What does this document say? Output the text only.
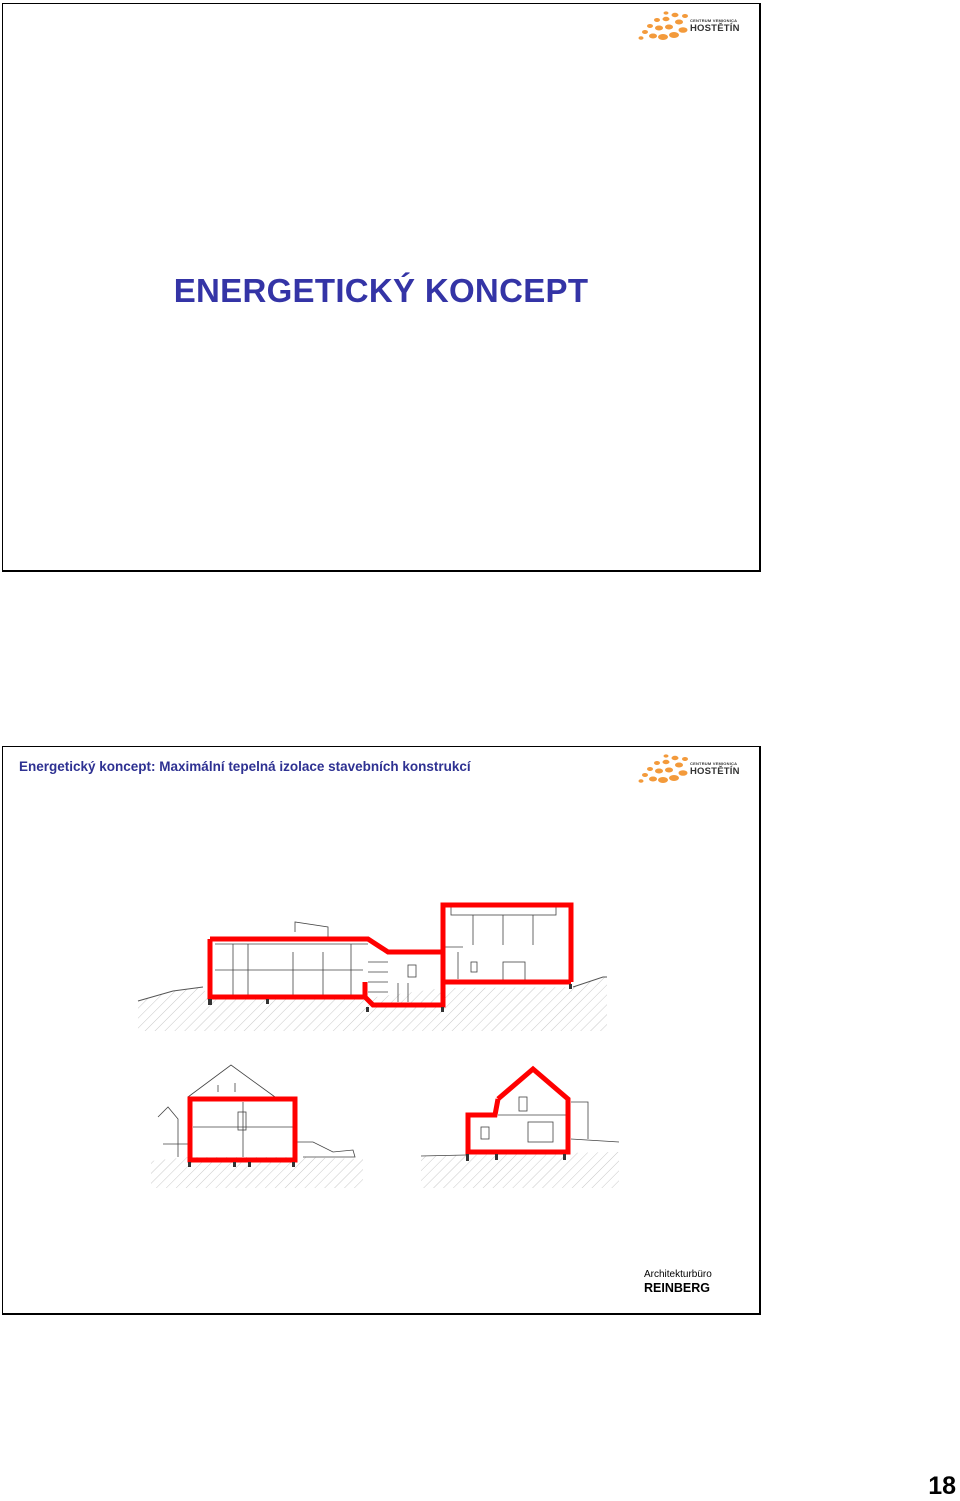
CENTRUM VEMIONICA
HOSTĚTÍN
ENERGETICKÝ KONCEPT
Energetický koncept: Maximální tepelná izolace stavebních konstrukcí	CENTRUM VEMIONICA
HOSTĚTÍN
Architekturbüro
REINBERG
18
